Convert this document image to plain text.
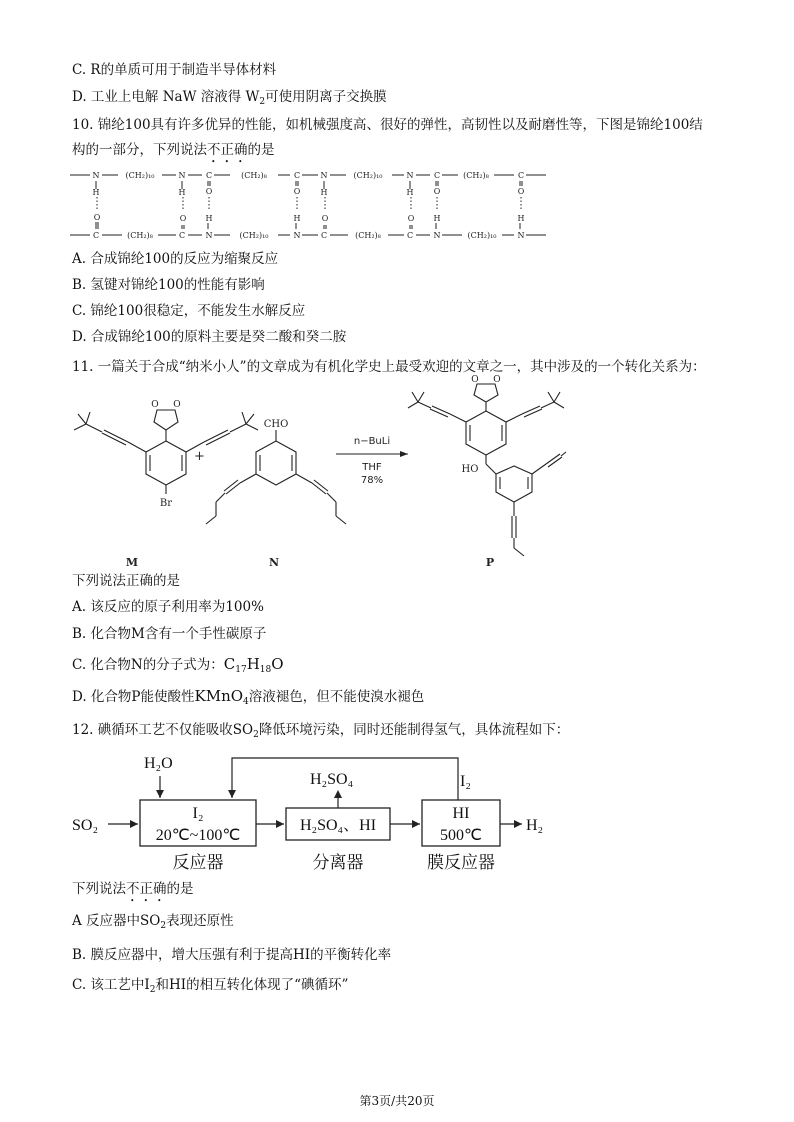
C. R的单质可用于制造半导体材料
D. 工业上电解 NaW 溶液得 $W_2$可使用阴离子交换膜
10. 锦纶100具有许多优异的性能，如机械强度高、很好的弹性，高韧性以及耐磨性等，下图是锦纶100结
构的一部分，下列说法不正确的是
N	N	C	C	N	N	C	C
H	H	O	O	H	H	O	O
O	O H	H	O	O H	H
C	C	N	N	C	C	N	N
(CH₂)₁₀	(CH₂)₈	(CH₂)₁₀	(CH₂)₈
(CH₂)₈	(CH₂)₁₀	(CH₂)₈	(CH₂)₁₀
A. 合成锦纶100的反应为缩聚反应
B. 氢键对锦纶100的性能有影响
C. 锦纶100很稳定，不能发生水解反应
D. 合成锦纶100的原料主要是癸二酸和癸二胺
11. 一篇关于合成“纳米小人”的文章成为有机化学史上最受欢迎的文章之一，其中涉及的一个转化关系为：
O O
Br
+
CHO
n−BuLi
THF
78%
O O
HO
M	N	P
下列说法正确的是
A. 该反应的原子利用率为100%
B. 化合物M含有一个手性碳原子
C. 化合物N的分子式为：$C_{17}H_{18}O$
D. 化合物P能使酸性KMnO$_4$溶液褪色，但不能使溴水褪色
12. 碘循环工艺不仅能吸收$SO_2$降低环境污染，同时还能制得氢气，具体流程如下：
H₂O
SO₂
H₂SO₄	I₂
H₂
I₂
20℃~100℃
H₂SO₄、HI
HI
500℃
反应器	分离器	膜反应器
下列说法不正确的是
A 反应器中$SO_2$表现还原性
B. 膜反应器中，增大压强有利于提高HI的平衡转化率
C. 该工艺中$I_2$和HI的相互转化体现了“碘循环”
第3页/共20页
